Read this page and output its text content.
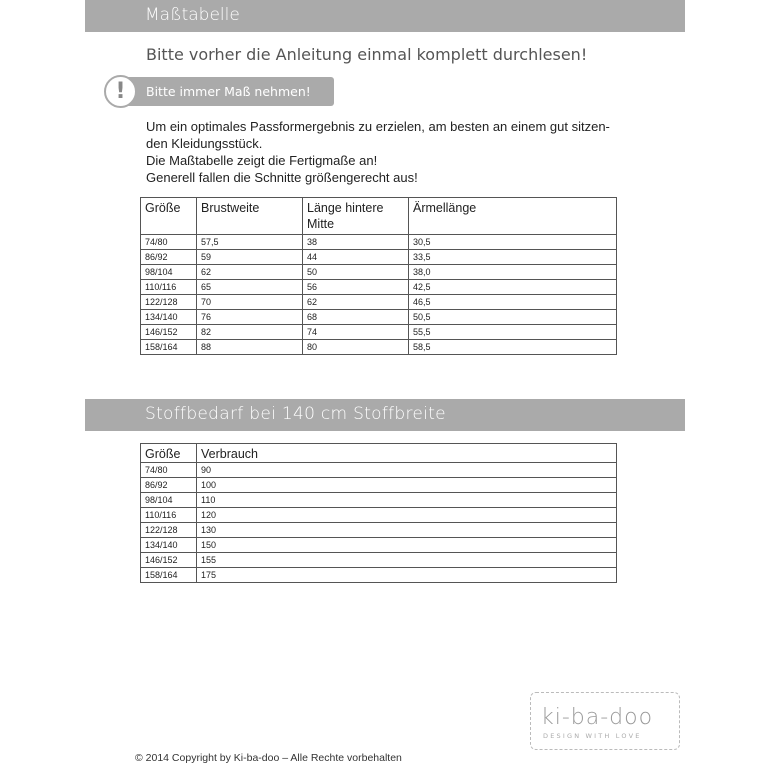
Maßtabelle
Bitte vorher die Anleitung einmal komplett durchlesen!
Bitte immer Maß nehmen!
!

Um ein optimales Passformergebnis zu erzielen, am besten an einem gut sitzen-

den Kleidungsstück.

Die Maßtabelle zeigt die Fertigmaße an!

Generell fallen die Schnitte größengerecht aus!

Größe	Brustweite	Länge hintere Mitte	Ärmellänge
74/80	57,5	38	30,5
86/92	59	44	33,5
98/104	62	50	38,0
110/116	65	56	42,5
122/128	70	62	46,5
134/140	76	68	50,5
146/152	82	74	55,5
158/164	88	80	58,5
Stoffbedarf bei 140 cm Stoffbreite
Größe	Verbrauch
74/80	90
86/92	100
98/104	110
110/116	120
122/128	130
134/140	150
146/152	155
158/164	175
ki-ba-doo
DESIGN WITH LOVE
© 2014 Copyright by Ki-ba-doo – Alle Rechte vorbehalten
